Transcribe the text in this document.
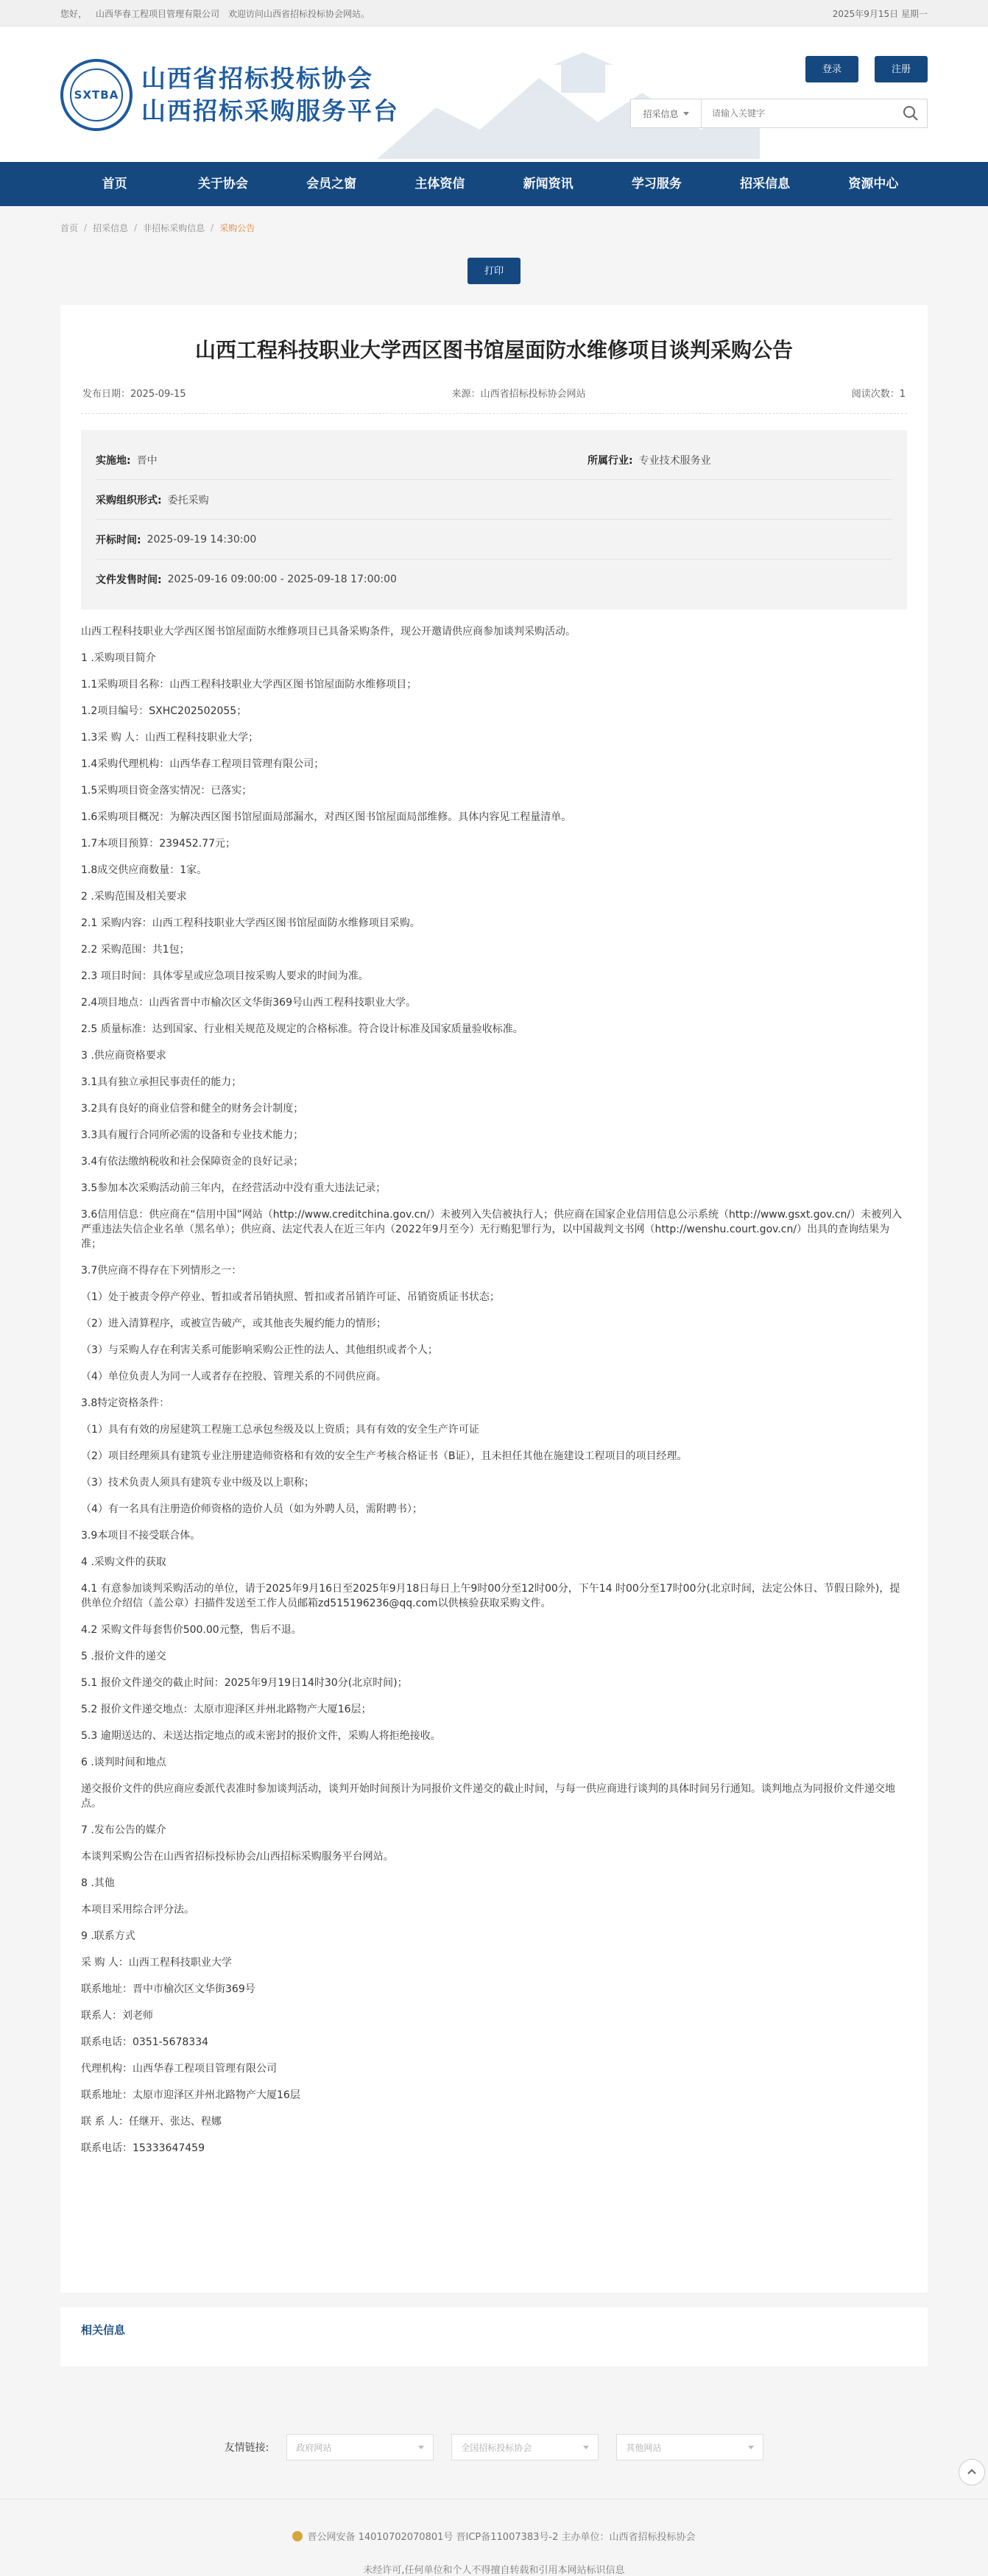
您好， 山西华春工程项目管理有限公司 欢迎访问山西省招标投标协会网站。	2025年9月15日 星期一
SXTBA
山西省招标投标协会
山西招标采购服务平台
登录	注册
招采信息
请输入关键字
首页	关于协会	会员之窗	主体资信	新闻资讯	学习服务	招采信息	资源中心
首页 / 招采信息 / 非招标采购信息 / 采购公告
打印
山西工程科技职业大学西区图书馆屋面防水维修项目谈判采购公告
发布日期：2025-09-15	来源：山西省招标投标协会网站	阅读次数：1
实施地: 晋中	所属行业: 专业技术服务业
采购组织形式: 委托采购
开标时间: 2025-09-19 14:30:00
文件发售时间: 2025-09-16 09:00:00 - 2025-09-18 17:00:00

山西工程科技职业大学西区图书馆屋面防水维修项目已具备采购条件，现公开邀请供应商参加谈判采购活动。

1 .采购项目简介

1.1采购项目名称：山西工程科技职业大学西区图书馆屋面防水维修项目；

1.2项目编号：SXHC202502055；

1.3采 购 人：山西工程科技职业大学；

1.4采购代理机构：山西华春工程项目管理有限公司；

1.5采购项目资金落实情况：已落实；

1.6采购项目概况：为解决西区图书馆屋面局部漏水，对西区图书馆屋面局部维修。具体内容见工程量清单。

1.7本项目预算：239452.77元；

1.8成交供应商数量：1家。

2 .采购范围及相关要求

2.1 采购内容：山西工程科技职业大学西区图书馆屋面防水维修项目采购。

2.2 采购范围：共1包；

2.3 项目时间：具体零星或应急项目按采购人要求的时间为准。

2.4项目地点：山西省晋中市榆次区文华街369号山西工程科技职业大学。

2.5 质量标准：达到国家、行业相关规范及规定的合格标准。符合设计标准及国家质量验收标准。

3 .供应商资格要求

3.1具有独立承担民事责任的能力；

3.2具有良好的商业信誉和健全的财务会计制度；

3.3具有履行合同所必需的设备和专业技术能力；

3.4有依法缴纳税收和社会保障资金的良好记录；

3.5参加本次采购活动前三年内，在经营活动中没有重大违法记录；

3.6信用信息：供应商在“信用中国”网站（http://www.creditchina.gov.cn/）未被列入失信被执行人；供应商在国家企业信用信息公示系统（http://www.gsxt.gov.cn/）未被列入严重违法失信企业名单（黑名单）；供应商、法定代表人在近三年内（2022年9月至今）无行贿犯罪行为，以中国裁判文书网（http://wenshu.court.gov.cn/）出具的查询结果为准；

3.7供应商不得存在下列情形之一：

（1）处于被责令停产停业、暂扣或者吊销执照、暂扣或者吊销许可证、吊销资质证书状态；

（2）进入清算程序，或被宣告破产，或其他丧失履约能力的情形；

（3）与采购人存在利害关系可能影响采购公正性的法人、其他组织或者个人；

（4）单位负责人为同一人或者存在控股、管理关系的不同供应商。

3.8特定资格条件：

（1）具有有效的房屋建筑工程施工总承包叁级及以上资质；具有有效的安全生产许可证

（2）项目经理须具有建筑专业注册建造师资格和有效的安全生产考核合格证书（B证），且未担任其他在施建设工程项目的项目经理。

（3）技术负责人须具有建筑专业中级及以上职称；

（4）有一名具有注册造价师资格的造价人员（如为外聘人员，需附聘书）；

3.9本项目不接受联合体。

4 .采购文件的获取

4.1 有意参加谈判采购活动的单位，请于2025年9月16日至2025年9月18日每日上午9时00分至12时00分，下午14 时00分至17时00分(北京时间，法定公休日、节假日除外)，提供单位介绍信（盖公章）扫描件发送至工作人员邮箱zd515196236@qq.com以供核验获取采购文件。

4.2 采购文件每套售价500.00元整，售后不退。

5 .报价文件的递交

5.1 报价文件递交的截止时间：2025年9月19日14时30分(北京时间)；

5.2 报价文件递交地点：太原市迎泽区并州北路物产大厦16层；

5.3 逾期送达的、未送达指定地点的或未密封的报价文件，采购人将拒绝接收。

6 .谈判时间和地点

递交报价文件的供应商应委派代表准时参加谈判活动，谈判开始时间预计为同报价文件递交的截止时间，与每一供应商进行谈判的具体时间另行通知。谈判地点为同报价文件递交地点。

7 .发布公告的媒介

本谈判采购公告在山西省招标投标协会/山西招标采购服务平台网站。

8 .其他

本项目采用综合评分法。

9 .联系方式

采 购 人：山西工程科技职业大学

联系地址：晋中市榆次区文华街369号

联系人：刘老师

联系电话：0351-5678334

代理机构：山西华春工程项目管理有限公司

联系地址：太原市迎泽区并州北路物产大厦16层

联 系 人：任继开、张达、程娜

联系电话：15333647459

相关信息
友情链接:	政府网站	全国招标投标协会	其他网站
晋公网安备 14010702070801号 晋ICP备11007383号-2 主办单位：山西省招标投标协会
未经许可,任何单位和个人不得擅自转载和引用本网站标识信息
